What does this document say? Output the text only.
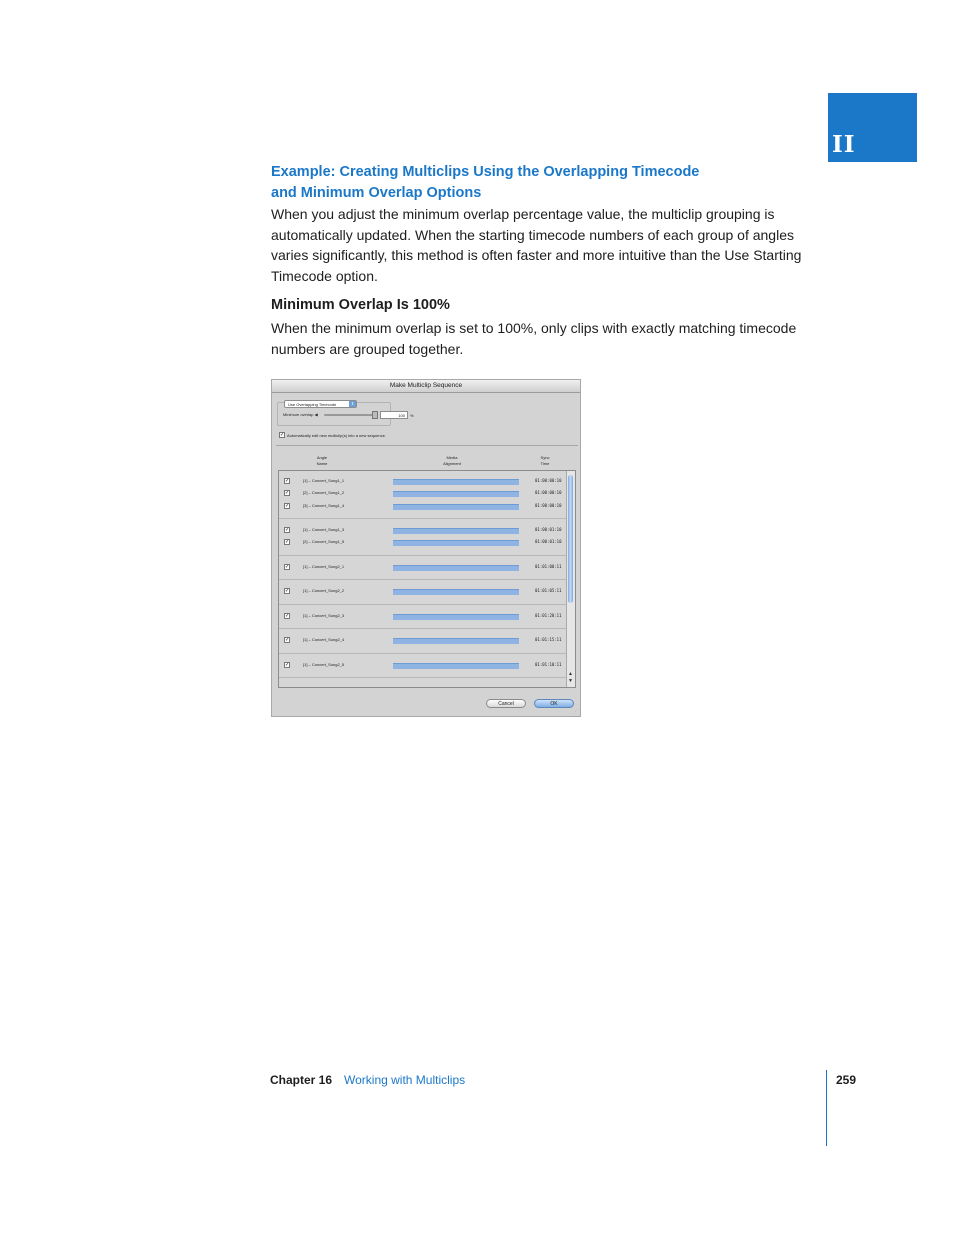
II
Example: Creating Multiclips Using the Overlapping Timecode
and Minimum Overlap Options
When you adjust the minimum overlap percentage value, the multiclip grouping is automatically updated. When the starting timecode numbers of each group of angles varies significantly, this method is often faster and more intuitive than the Use Starting Timecode option.
Minimum Overlap Is 100%
When the minimum overlap is set to 100%, only clips with exactly matching timecode numbers are grouped together.
Make Multiclip Sequence
Use Overlapping Timecode	⇕
Minimum overlap ◀	100	%
✓ Automatically edit new multiclip(s) into a new sequence.
Angle
Name
Media
Alignment
Sync
Time
✓	[1] – Concert_Song1_1	01:00:00:10
✓	[2] – Concert_Song1_2	01:00:00:10
✓	[3] – Concert_Song1_4	01:00:00:10
✓	[1] – Concert_Song1_3	01:00:01:10
✓	[2] – Concert_Song1_5	01:00:01:10
✓	[1] – Concert_Song2_1	01:01:00:11
✓	[1] – Concert_Song2_2	01:01:05:11
✓	[1] – Concert_Song2_3	01:01:20:11
✓	[1] – Concert_Song2_4	01:01:15:11
✓	[1] – Concert_Song2_5	01:01:10:11
▲
▼
Cancel	OK
⋰
Chapter 16 Working with Multiclips	259
